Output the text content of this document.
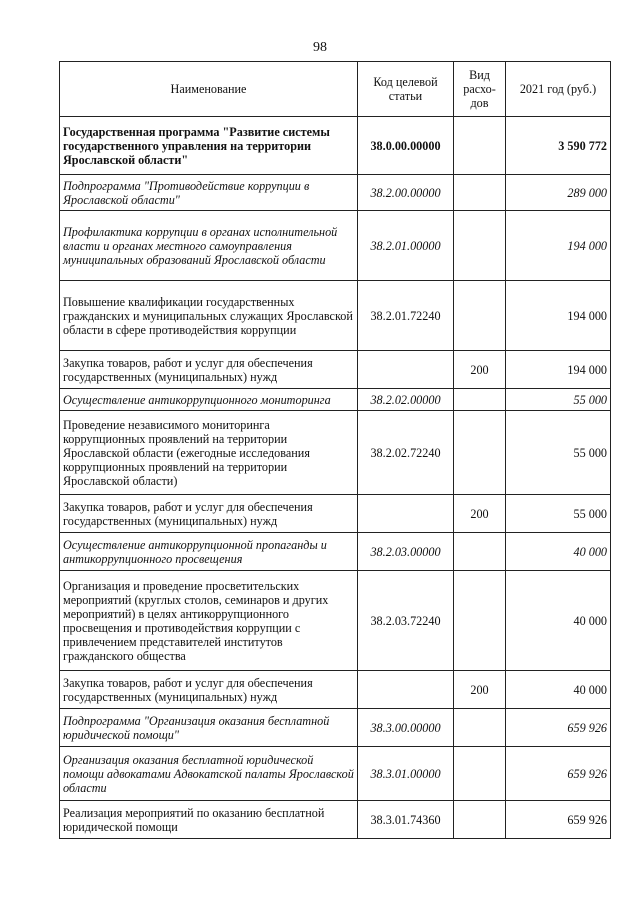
98
Наименование	Код целевой статьи	Вид расхо-дов	2021 год (руб.)
Государственная программа "Развитие системы государственного управления на территории Ярославской области"	38.0.00.00000		3 590 772
Подпрограмма "Противодействие коррупции в Ярославской области"	38.2.00.00000		289 000
Профилактика коррупции в органах исполнительной власти и органах местного самоуправления муниципальных образований Ярославской области	38.2.01.00000		194 000
Повышение квалификации государственных гражданских и муниципальных служащих Ярославской области в сфере противодействия коррупции	38.2.01.72240		194 000
Закупка товаров, работ и услуг для обеспечения государственных (муниципальных) нужд		200	194 000
Осуществление антикоррупционного мониторинга	38.2.02.00000		55 000
Проведение независимого мониторинга коррупционных проявлений на территории Ярославской области (ежегодные исследования коррупционных проявлений на территории Ярославской области)	38.2.02.72240		55 000
Закупка товаров, работ и услуг для обеспечения государственных (муниципальных) нужд		200	55 000
Осуществление антикоррупционной пропаганды и антикоррупционного просвещения	38.2.03.00000		40 000
Организация и проведение просветительских мероприятий (круглых столов, семинаров и других мероприятий) в целях антикоррупционного просвещения и противодействия коррупции с привлечением представителей институтов гражданского общества	38.2.03.72240		40 000
Закупка товаров, работ и услуг для обеспечения государственных (муниципальных) нужд		200	40 000
Подпрограмма "Организация оказания бесплатной юридической помощи"	38.3.00.00000		659 926
Организация оказания бесплатной юридической помощи адвокатами Адвокатской палаты Ярославской области	38.3.01.00000		659 926
Реализация мероприятий по оказанию бесплатной юридической помощи	38.3.01.74360		659 926
